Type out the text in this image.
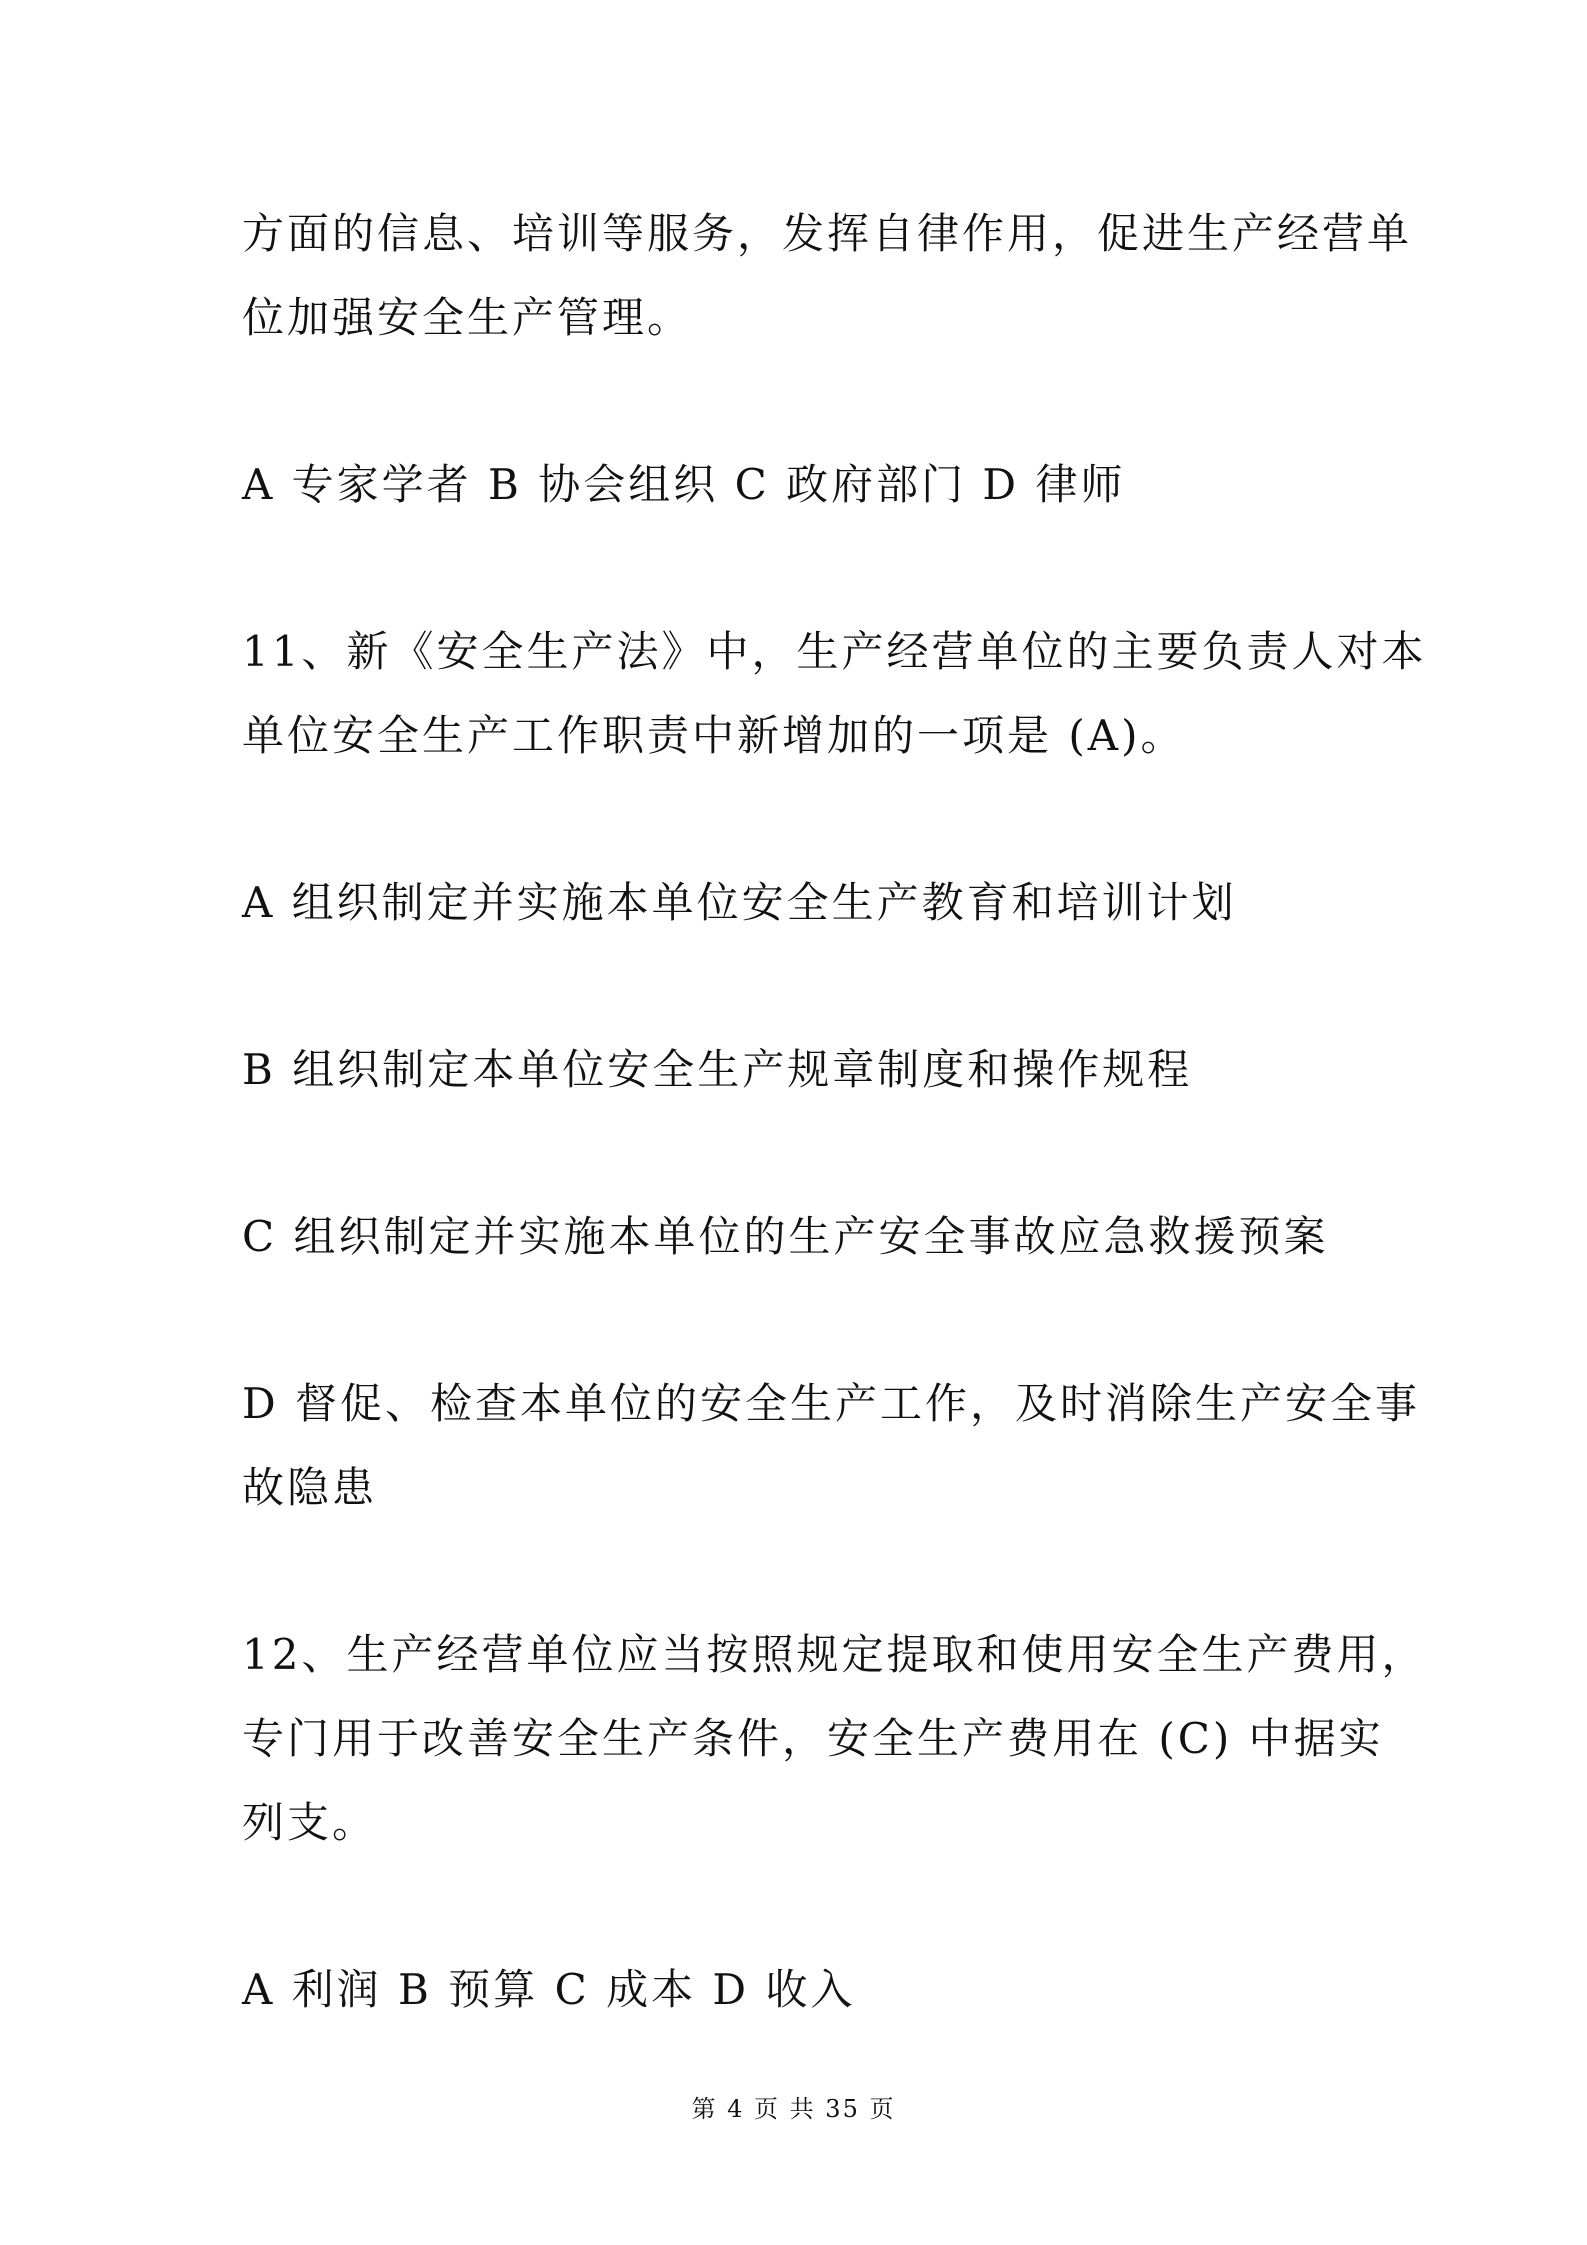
方面的信息、培训等服务，发挥自律作用，促进生产经营单
位加强安全生产管理。
A 专家学者 B 协会组织 C 政府部门 D 律师
11、新《安全生产法》中，生产经营单位的主要负责人对本
单位安全生产工作职责中新增加的一项是 (A)。
A 组织制定并实施本单位安全生产教育和培训计划
B 组织制定本单位安全生产规章制度和操作规程
C 组织制定并实施本单位的生产安全事故应急救援预案
D 督促、检查本单位的安全生产工作，及时消除生产安全事
故隐患
12、生产经营单位应当按照规定提取和使用安全生产费用，
专门用于改善安全生产条件，安全生产费用在 (C) 中据实
列支。
A 利润 B 预算 C 成本 D 收入
第 4 页 共 35 页
